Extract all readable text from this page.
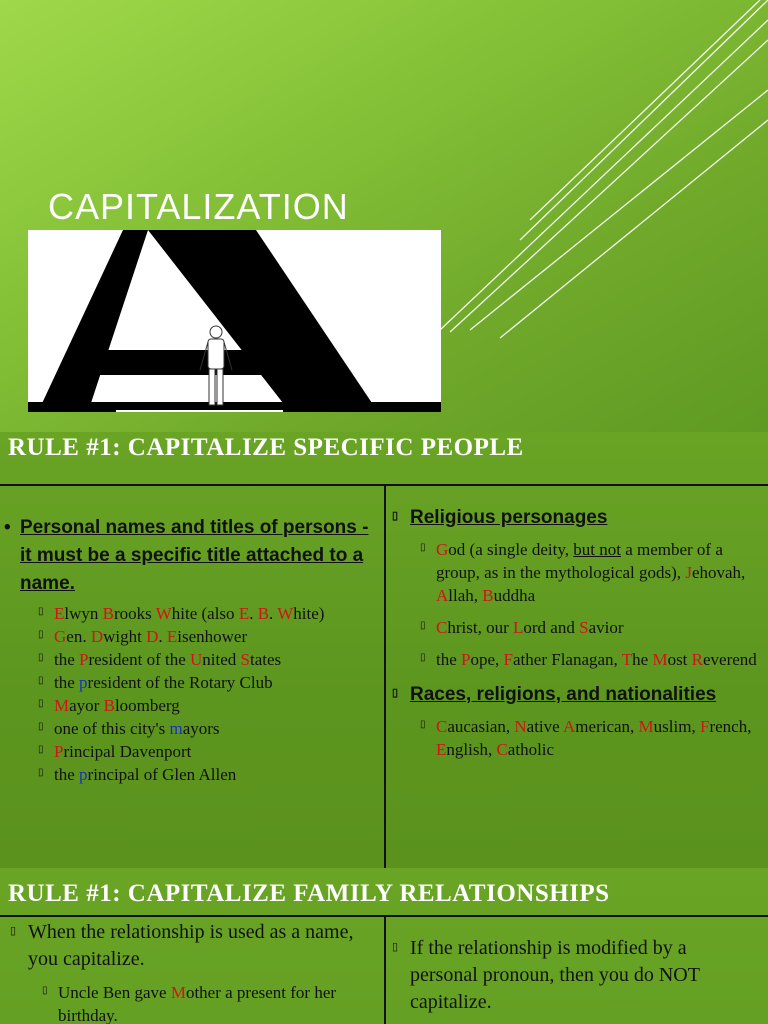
CAPITALIZATION
RULE #1: CAPITALIZE SPECIFIC PEOPLE
• Personal names and titles of persons - it must be a specific title attached to a name.
▯ Elwyn Brooks White (also E. B. White)
▯ Gen. Dwight D. Eisenhower
▯ the President of the United States
▯ the president of the Rotary Club
▯ Mayor Bloomberg
▯ one of this city's mayors
▯ Principal Davenport
▯ the principal of Glen Allen
▯ Religious personages
▯ God (a single deity, but not a member of a group, as in the mythological gods), Jehovah, Allah, Buddha
▯ Christ, our Lord and Savior
▯ the Pope, Father Flanagan, The Most Reverend
▯ Races, religions, and nationalities
▯ Caucasian, Native American, Muslim, French, English, Catholic
RULE #1: CAPITALIZE FAMILY RELATIONSHIPS
▯ When the relationship is used as a name, you capitalize.
▯ Uncle Ben gave Mother a present for her birthday.
▯ If the relationship is modified by a personal pronoun, then you do NOT capitalize.
